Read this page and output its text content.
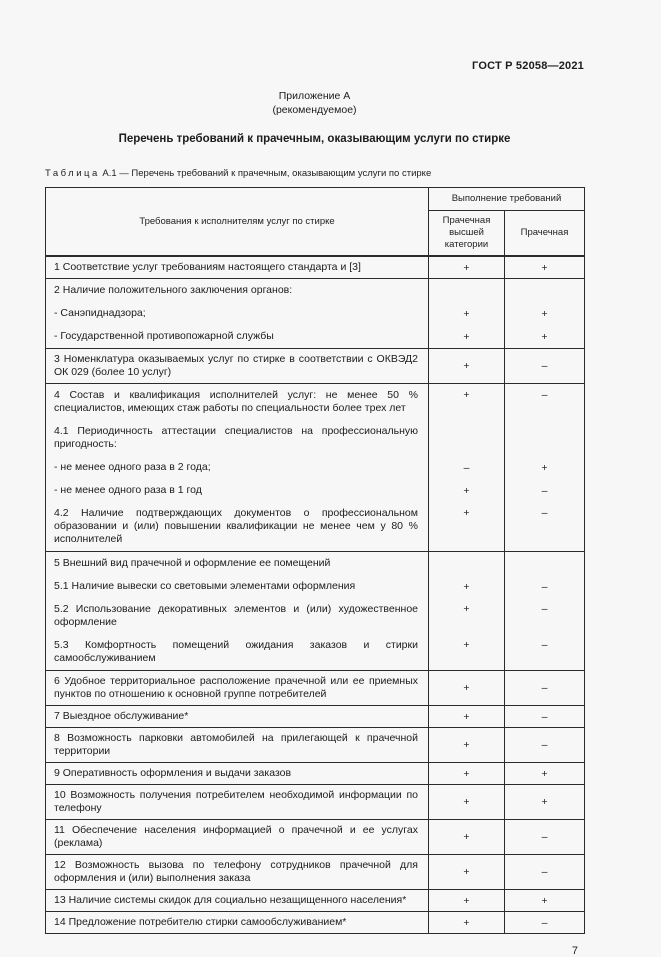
ГОСТ Р 52058—2021
Приложение А
(рекомендуемое)
Перечень требований к прачечным, оказывающим услуги по стирке
Таблица А.1 — Перечень требований к прачечным, оказывающим услуги по стирке
Требования к исполнителям услуг по стирке	Выполнение требований	
	Прачечная высшей категории	Прачечная
1 Соответствие услуг требованиям настоящего стандарта и [3]	+	+
2 Наличие положительного заключения органов:		
- Санэпиднадзора;	+	+
- Государственной противопожарной службы	+	+
3 Номенклатура оказываемых услуг по стирке в соответствии с ОКВЭД2 ОК 029 (более 10 услуг)	+	–
4 Состав и квалификация исполнителей услуг: не менее 50 % специалистов, имеющих стаж работы по специальности более трех лет	+	–
4.1 Периодичность аттестации специалистов на профессиональную пригодность:		
- не менее одного раза в 2 года;	–	+
- не менее одного раза в 1 год	+	–
4.2 Наличие подтверждающих документов о профессиональном образовании и (или) повышении квалификации не менее чем у 80 % исполнителей	+	–
5 Внешний вид прачечной и оформление ее помещений		
5.1 Наличие вывески со световыми элементами оформления	+	–
5.2 Использование декоративных элементов и (или) художественное оформление	+	–
5.3 Комфортность помещений ожидания заказов и стирки самообслуживанием	+	–
6 Удобное территориальное расположение прачечной или ее приемных пунктов по отношению к основной группе потребителей	+	–
7 Выездное обслуживание*	+	–
8 Возможность парковки автомобилей на прилегающей к прачечной территории	+	–
9 Оперативность оформления и выдачи заказов	+	+
10 Возможность получения потребителем необходимой информации по телефону	+	+
11 Обеспечение населения информацией о прачечной и ее услугах (реклама)	+	–
12 Возможность вызова по телефону сотрудников прачечной для оформления и (или) выполнения заказа	+	–
13 Наличие системы скидок для социально незащищенного населения*	+	+
14 Предложение потребителю стирки самообслуживанием*	+	–
7
